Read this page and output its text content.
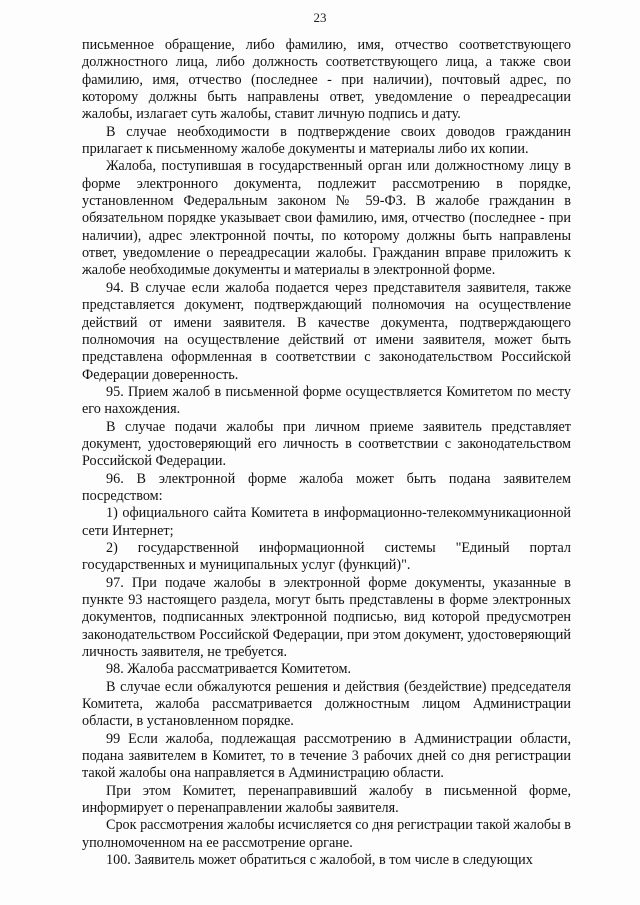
23

письменное обращение, либо фамилию, имя, отчество соответствующего должностного лица, либо должность соответствующего лица, а также свои фамилию, имя, отчество (последнее - при наличии), почтовый адрес, по которому должны быть направлены ответ, уведомление о переадресации жалобы, излагает суть жалобы, ставит личную подпись и дату.

В случае необходимости в подтверждение своих доводов гражданин прилагает к письменному жалобе документы и материалы либо их копии.

Жалоба, поступившая в государственный орган или должностному лицу в форме электронного документа, подлежит рассмотрению в порядке, установленном Федеральным законом № 59-ФЗ. В жалобе гражданин в обязательном порядке указывает свои фамилию, имя, отчество (последнее - при наличии), адрес электронной почты, по которому должны быть направлены ответ, уведомление о переадресации жалобы. Гражданин вправе приложить к жалобе необходимые документы и материалы в электронной форме.

94. В случае если жалоба подается через представителя заявителя, также представляется документ, подтверждающий полномочия на осуществление действий от имени заявителя. В качестве документа, подтверждающего полномочия на осуществление действий от имени заявителя, может быть представлена оформленная в соответствии с законодательством Российской Федерации доверенность.

95. Прием жалоб в письменной форме осуществляется Комитетом по месту его нахождения.

В случае подачи жалобы при личном приеме заявитель представляет документ, удостоверяющий его личность в соответствии с законодательством Российской Федерации.

96. В электронной форме жалоба может быть подана заявителем посредством:

1) официального сайта Комитета в информационно-телекоммуникационной сети Интернет;

2) государственной информационной системы "Единый портал государственных и муниципальных услуг (функций)".

97. При подаче жалобы в электронной форме документы, указанные в пункте 93 настоящего раздела, могут быть представлены в форме электронных документов, подписанных электронной подписью, вид которой предусмотрен законодательством Российской Федерации, при этом документ, удостоверяющий личность заявителя, не требуется.

98. Жалоба рассматривается Комитетом.

В случае если обжалуются решения и действия (бездействие) председателя Комитета, жалоба рассматривается должностным лицом Администрации области, в установленном порядке.

99 Если жалоба, подлежащая рассмотрению в Администрации области, подана заявителем в Комитет, то в течение 3 рабочих дней со дня регистрации такой жалобы она направляется в Администрацию области.

При этом Комитет, перенаправивший жалобу в письменной форме, информирует о перенаправлении жалобы заявителя.

Срок рассмотрения жалобы исчисляется со дня регистрации такой жалобы в уполномоченном на ее рассмотрение органе.

100. Заявитель может обратиться с жалобой, в том числе в следующих
